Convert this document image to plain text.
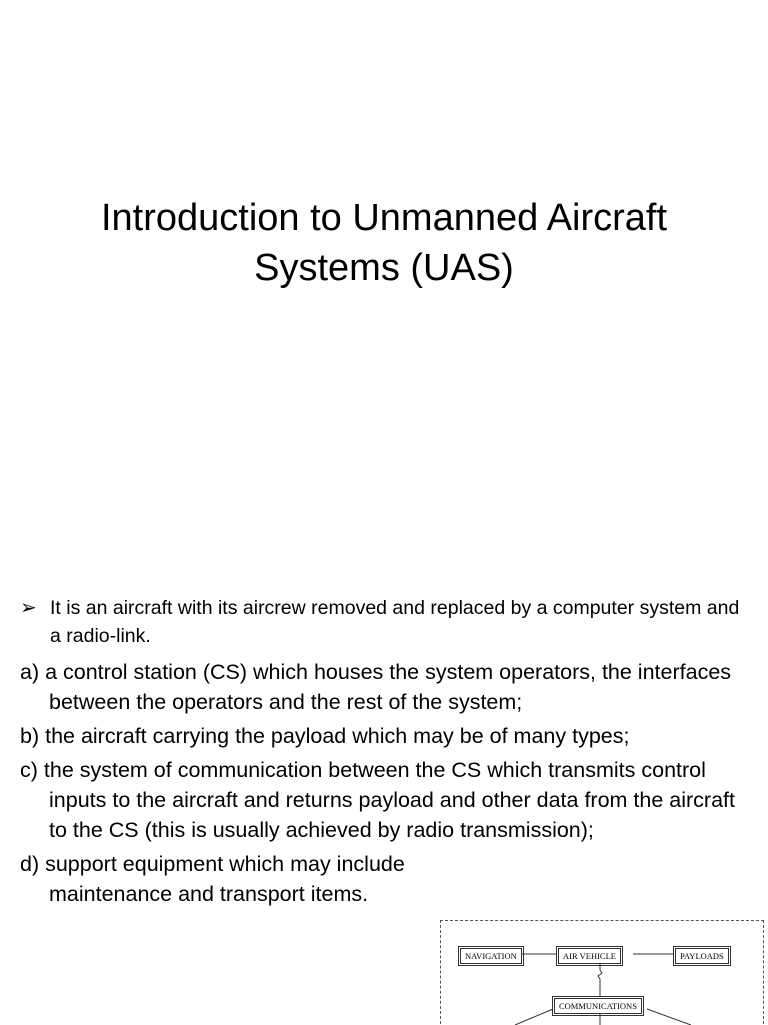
Introduction to Unmanned Aircraft
Systems (UAS)
➢ It is an aircraft with its aircrew removed and replaced by a computer system and a radio-link.
a) a control station (CS) which houses the system operators, the interfaces between the operators and the rest of the system;
b) the aircraft carrying the payload which may be of many types;
c) the system of communication between the CS which transmits control inputs to the aircraft and returns payload and other data from the aircraft to the CS (this is usually achieved by radio transmission);
d) support equipment which may include maintenance and transport items.
NAVIGATION	AIR VEHICLE	PAYLOADS
COMMUNICATIONS
